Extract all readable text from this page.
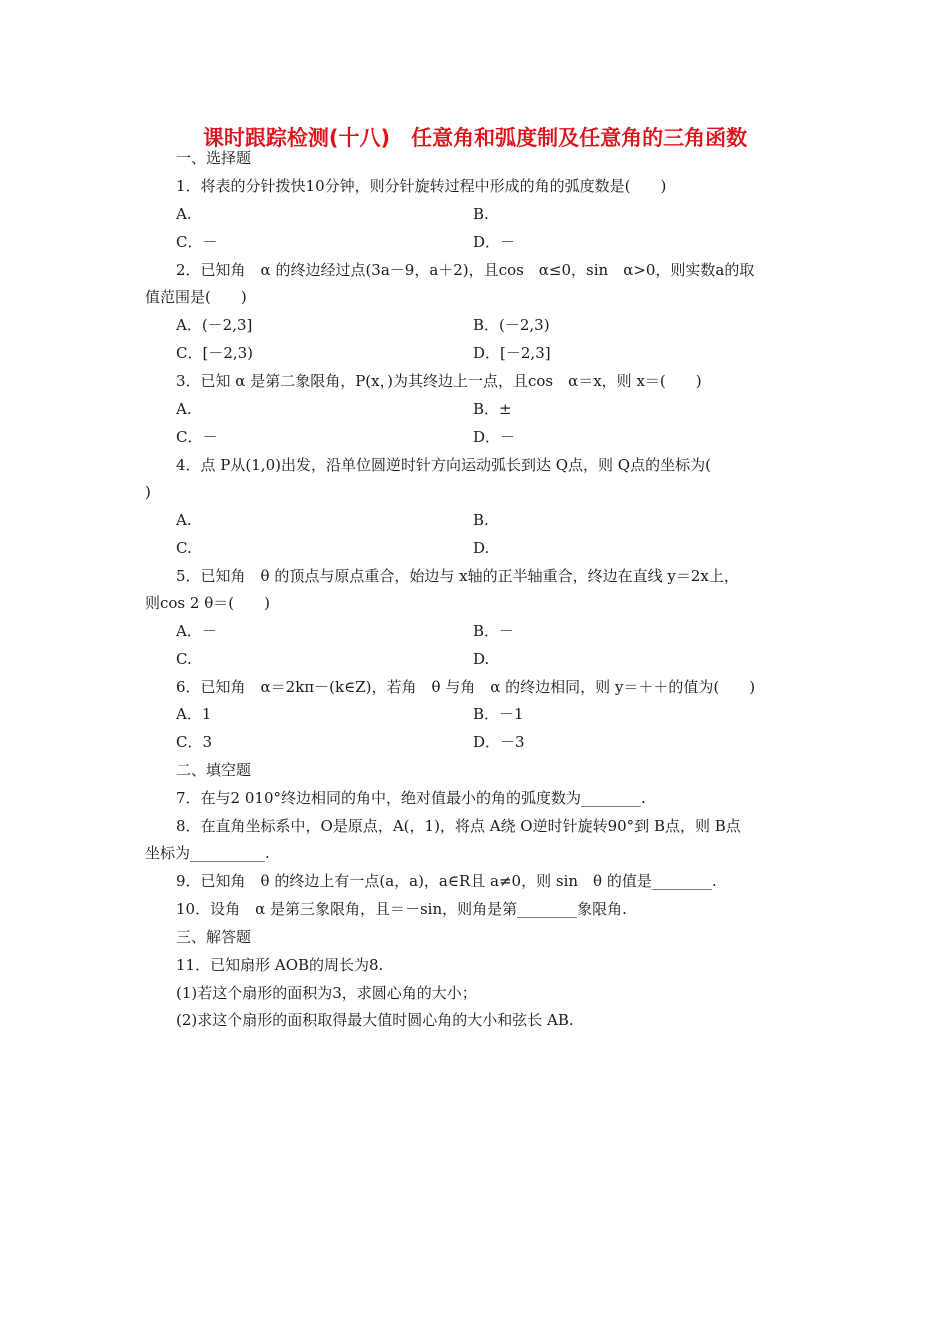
课时跟踪检测(十八)　任意角和弧度制及任意角的三角函数
一、选择题
1．将表的分针拨快10分钟，则分针旋转过程中形成的角的弧度数是(　　)
A.	B.
C．－	D．－
2．已知角　α 的终边经过点(3a－9，a＋2)，且cos　α≤0，sin　α>0，则实数a的取
值范围是(　　)
A．(－2,3]	B．(－2,3)
C．[－2,3)	D．[－2,3]
3．已知 α 是第二象限角，P(x，)为其终边上一点，且cos　α＝x，则 x＝(　　)
A.	B．±
C．－	D．－
4．点 P从(1,0)出发，沿单位圆逆时针方向运动弧长到达 Q点，则 Q点的坐标为(
)
A.	B.
C.	D.
5．已知角　θ 的顶点与原点重合，始边与 x轴的正半轴重合，终边在直线 y＝2x上，
则cos 2 θ＝(　　)
A．－	B．－
C.	D.
6．已知角　α＝2kπ－(k∈Z)，若角　θ 与角　α 的终边相同，则 y＝＋＋的值为(　　)
A．1	B．－1
C．3	D．－3
二、填空题
7．在与2 010°终边相同的角中，绝对值最小的角的弧度数为________.
8．在直角坐标系中，O是原点，A(，1)，将点 A绕 O逆时针旋转90°到 B点，则 B点
坐标为__________.
9．已知角　θ 的终边上有一点(a，a)，a∈R且 a≠0，则 sin　θ 的值是________.
10．设角　α 是第三象限角，且＝－sin，则角是第________象限角.
三、解答题
11．已知扇形 AOB的周长为8.
(1)若这个扇形的面积为3，求圆心角的大小；
(2)求这个扇形的面积取得最大值时圆心角的大小和弦长 AB.
